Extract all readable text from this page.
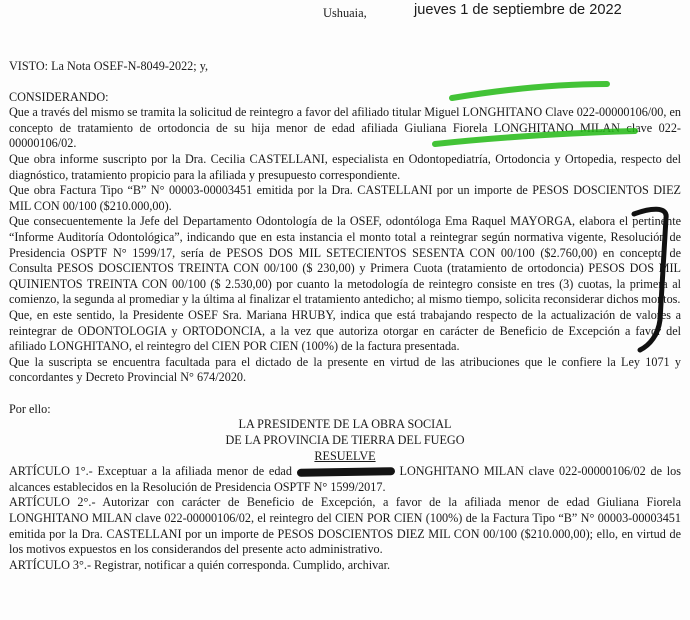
Ushuaia,	jueves 1 de septiembre de 2022

VISTO: La Nota OSEF-N-8049-2022; y,

CONSIDERANDO:

Que a través del mismo se tramita la solicitud de reintegro a favor del afiliado titular Miguel LONGHITANO Clave 022-00000106/00, en concepto de tratamiento de ortodoncia de su hija menor de edad afiliada Giuliana Fiorela LONGHITANO MILAN clave 022-00000106/02.

Que obra informe suscripto por la Dra. Cecilia CASTELLANI, especialista en Odontopediatría, Ortodoncia y Ortopedia, respecto del diagnóstico, tratamiento propicio para la afiliada y presupuesto correspondiente.

Que obra Factura Tipo “B” N° 00003-00003451 emitida por la Dra. CASTELLANI por un importe de PESOS DOSCIENTOS DIEZ MIL CON 00/100 ($210.000,00).

Que consecuentemente la Jefe del Departamento Odontología de la OSEF, odontóloga Ema Raquel MAYORGA, elabora el pertinente “Informe Auditoría Odontológica”, indicando que en esta instancia el monto total a reintegrar según normativa vigente, Resolución de Presidencia OSPTF N° 1599/17, sería de PESOS DOS MIL SETECIENTOS SESENTA CON 00/100 ($2.760,00) en concepto de Consulta PESOS DOSCIENTOS TREINTA CON 00/100 ($ 230,00) y Primera Cuota (tratamiento de ortodoncia) PESOS DOS MIL QUINIENTOS TREINTA CON 00/100 ($ 2.530,00) por cuanto la metodología de reintegro consiste en tres (3) cuotas, la primera al comienzo, la segunda al promediar y la última al finalizar el tratamiento antedicho; al mismo tiempo, solicita reconsiderar dichos montos.

Que, en este sentido, la Presidente OSEF Sra. Mariana HRUBY, indica que está trabajando respecto de la actualización de valores a reintegrar de ODONTOLOGIA y ORTODONCIA, a la vez que autoriza otorgar en carácter de Beneficio de Excepción a favor del afiliado LONGHITANO, el reintegro del CIEN POR CIEN (100%) de la factura presentada.

Que la suscripta se encuentra facultada para el dictado de la presente en virtud de las atribuciones que le confiere la Ley 1071 y concordantes y Decreto Provincial N° 674/2020.

Por ello:

LA PRESIDENTE DE LA OBRA SOCIAL

DE LA PROVINCIA DE TIERRA DEL FUEGO

RESUELVE

ARTÍCULO 1°.- Exceptuar a la afiliada menor de edad	LONGHITANO MILAN clave 022-00000106/02 de los alcances establecidos en la Resolución de Presidencia OSPTF N° 1599/2017.

ARTÍCULO 2°.- Autorizar con carácter de Beneficio de Excepción, a favor de la afiliada menor de edad Giuliana Fiorela LONGHITANO MILAN clave 022-00000106/02, el reintegro del CIEN POR CIEN (100%) de la Factura Tipo “B” N° 00003-00003451 emitida por la Dra. CASTELLANI por un importe de PESOS DOSCIENTOS DIEZ MIL CON 00/100 ($210.000,00); ello, en virtud de los motivos expuestos en los considerandos del presente acto administrativo.

ARTÍCULO 3°.- Registrar, notificar a quién corresponda. Cumplido, archivar.
